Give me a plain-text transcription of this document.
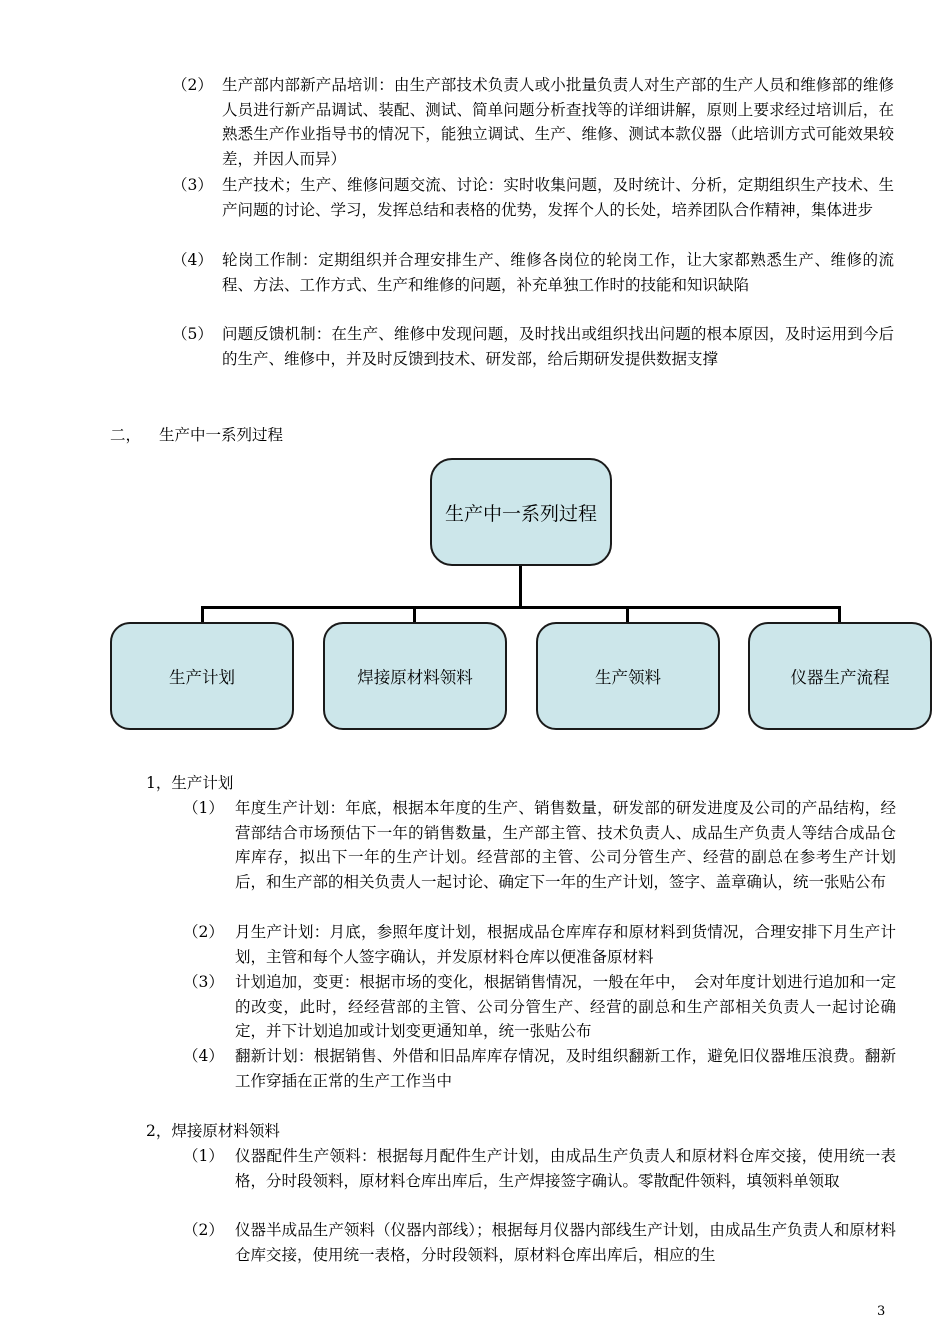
（2） 生产部内部新产品培训：由生产部技术负责人或小批量负责人对生产部的生产人员和维修部的维修人员进行新产品调试、装配、测试、简单问题分析查找等的详细讲解，原则上要求经过培训后，在熟悉生产作业指导书的情况下，能独立调试、生产、维修、测试本款仪器（此培训方式可能效果较差，并因人而异）
（3） 生产技术；生产、维修问题交流、讨论：实时收集问题，及时统计、分析，定期组织生产技术、生产问题的讨论、学习，发挥总结和表格的优势，发挥个人的长处，培养团队合作精神，集体进步
（4） 轮岗工作制：定期组织并合理安排生产、维修各岗位的轮岗工作，让大家都熟悉生产、维修的流程、方法、工作方式、生产和维修的问题，补充单独工作时的技能和知识缺陷
（5） 问题反馈机制：在生产、维修中发现问题，及时找出或组织找出问题的根本原因，及时运用到今后的生产、维修中，并及时反馈到技术、研发部，给后期研发提供数据支撑
二， 生产中一系列过程
生产中一系列过程
生产计划	焊接原材料领料	生产领料	仪器生产流程
1，生产计划
（1） 年度生产计划：年底，根据本年度的生产、销售数量，研发部的研发进度及公司的产品结构，经营部结合市场预估下一年的销售数量，生产部主管、技术负责人、成品生产负责人等结合成品仓库库存，拟出下一年的生产计划。经营部的主管、公司分管生产、经营的副总在参考生产计划后，和生产部的相关负责人一起讨论、确定下一年的生产计划，签字、盖章确认，统一张贴公布
（2） 月生产计划：月底，参照年度计划，根据成品仓库库存和原材料到货情况，合理安排下月生产计划，主管和每个人签字确认，并发原材料仓库以便准备原材料
（3） 计划追加，变更：根据市场的变化，根据销售情况，一般在年中，　会对年度计划进行追加和一定的改变，此时，经经营部的主管、公司分管生产、经营的副总和生产部相关负责人一起讨论确定，并下计划追加或计划变更通知单，统一张贴公布
（4） 翻新计划：根据销售、外借和旧品库库存情况，及时组织翻新工作，避免旧仪器堆压浪费。翻新工作穿插在正常的生产工作当中
2，焊接原材料领料
（1） 仪器配件生产领料：根据每月配件生产计划，由成品生产负责人和原材料仓库交接，使用统一表格，分时段领料，原材料仓库出库后，生产焊接签字确认。零散配件领料，填领料单领取
（2） 仪器半成品生产领料（仪器内部线）；根据每月仪器内部线生产计划，由成品生产负责人和原材料仓库交接，使用统一表格，分时段领料，原材料仓库出库后，相应的生
3
